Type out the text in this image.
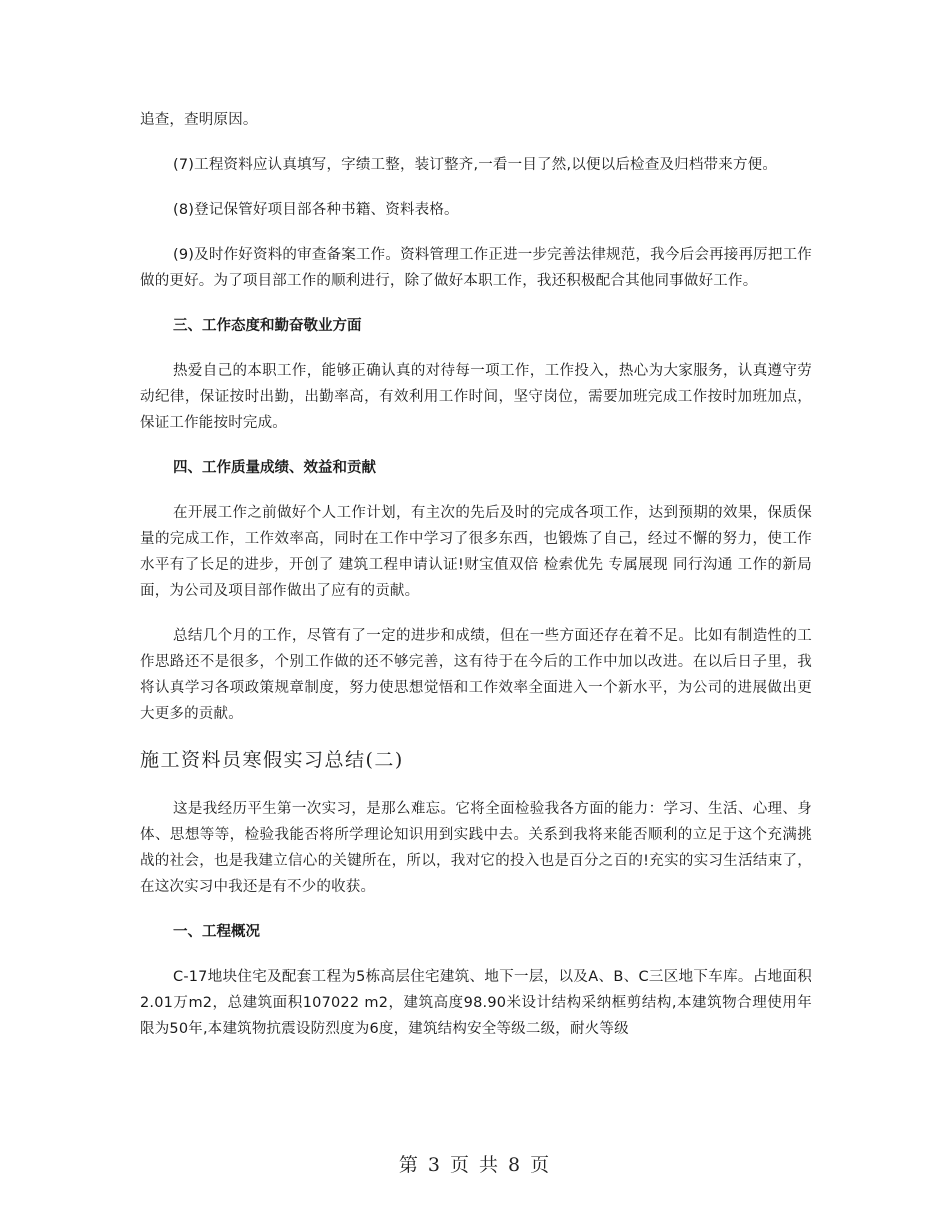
追查，查明原因。

(7)工程资料应认真填写，字绩工整，装订整齐,一看一目了然,以便以后检查及归档带来方便。

(8)登记保管好项目部各种书籍、资料表格。

(9)及时作好资料的审查备案工作。资料管理工作正进一步完善法律规范，我今后会再接再厉把工作做的更好。为了项目部工作的顺利进行，除了做好本职工作，我还积极配合其他同事做好工作。

三、工作态度和勤奋敬业方面

热爱自己的本职工作，能够正确认真的对待每一项工作，工作投入，热心为大家服务，认真遵守劳动纪律，保证按时出勤，出勤率高，有效利用工作时间，坚守岗位，需要加班完成工作按时加班加点，保证工作能按时完成。

四、工作质量成绩、效益和贡献

在开展工作之前做好个人工作计划，有主次的先后及时的完成各项工作，达到预期的效果，保质保量的完成工作，工作效率高，同时在工作中学习了很多东西，也锻炼了自己，经过不懈的努力，使工作水平有了长足的进步，开创了 建筑工程申请认证!财宝值双倍 检索优先 专属展现 同行沟通 工作的新局面，为公司及项目部作做出了应有的贡献。

总结几个月的工作，尽管有了一定的进步和成绩，但在一些方面还存在着不足。比如有制造性的工作思路还不是很多，个别工作做的还不够完善，这有待于在今后的工作中加以改进。在以后日子里，我将认真学习各项政策规章制度，努力使思想觉悟和工作效率全面进入一个新水平，为公司的进展做出更大更多的贡献。

施工资料员寒假实习总结(二)

这是我经历平生第一次实习，是那么难忘。它将全面检验我各方面的能力：学习、生活、心理、身体、思想等等，检验我能否将所学理论知识用到实践中去。关系到我将来能否顺利的立足于这个充满挑战的社会，也是我建立信心的关键所在，所以，我对它的投入也是百分之百的!充实的实习生活结束了，在这次实习中我还是有不少的收获。

一、工程概况

C-17地块住宅及配套工程为5栋高层住宅建筑、地下一层，以及A、B、C三区地下车库。占地面积2.01万m2，总建筑面积107022 m2，建筑高度98.90米设计结构采纳框剪结构,本建筑物合理使用年限为50年,本建筑物抗震设防烈度为6度，建筑结构安全等级二级，耐火等级

第 3 页 共 8 页
